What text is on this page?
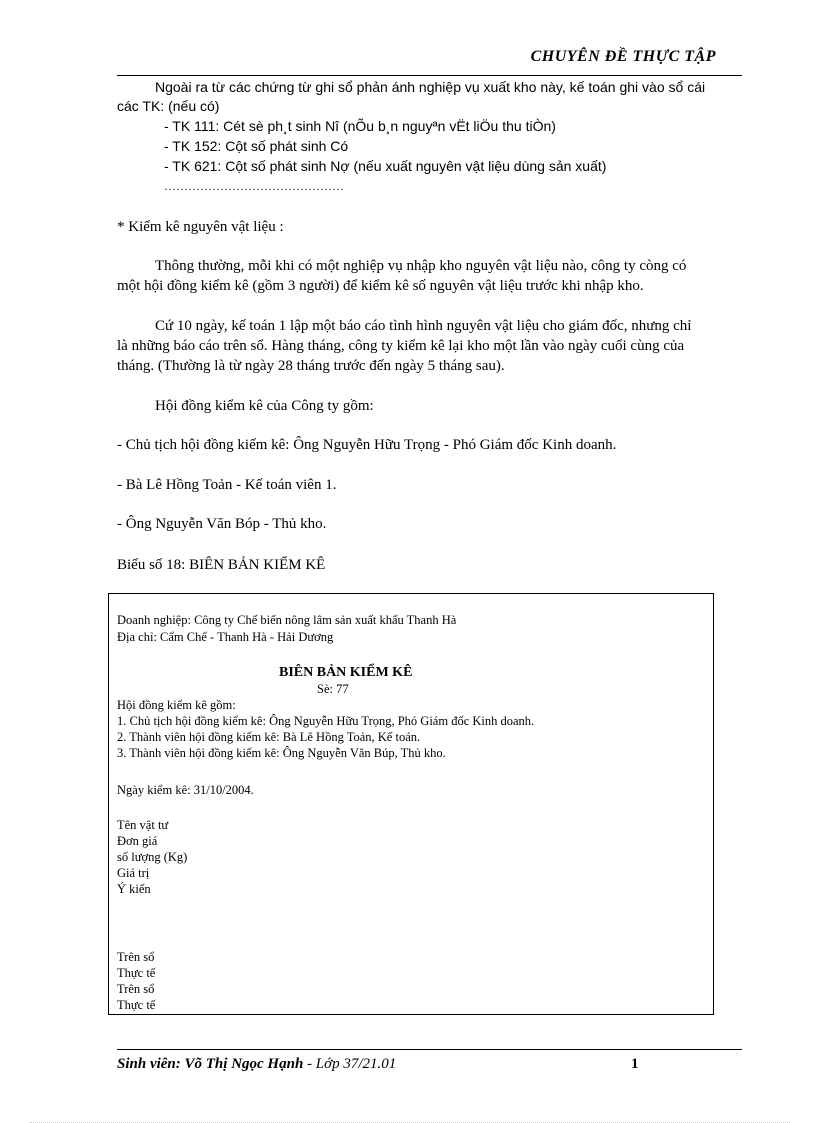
CHUYÊN ĐỀ THỰC TẬP
Ngoài ra từ các chứng từ ghi sổ phản ánh nghiệp vụ xuất kho này, kế toán ghi vào sổ cái
các TK: (nếu có)
- TK 111: Cét sè ph¸t sinh Nî (nÕu b¸n nguyªn vËt liÖu thu tiÒn)
- TK 152: Cột số phát sinh Có
- TK 621: Cột số phát sinh Nợ (nếu xuất nguyên vật liệu dùng sản xuất)
………………………………………
* Kiểm kê nguyên vật liệu :
Thông thường, mỗi khi có một nghiệp vụ nhập kho nguyên vật liệu nào, công ty còng có
một hội đồng kiểm kê (gồm 3 người) để kiểm kê số nguyên vật liệu trước khi nhập kho.
Cứ 10 ngày, kế toán 1 lập một báo cáo tình hình nguyên vật liệu cho giám đốc, nhưng chỉ
là những báo cáo trên sổ. Hàng tháng, công ty kiểm kê lại kho một lần vào ngày cuối cùng của
tháng. (Thường là từ ngày 28 tháng trước đến ngày 5 tháng sau).
Hội đồng kiểm kê của Công ty gồm:
- Chủ tịch hội đồng kiểm kê: Ông Nguyễn Hữu Trọng - Phó Giám đốc Kinh doanh.
- Bà Lê Hồng Toản - Kế toán viên 1.
- Ông Nguyễn Văn Bóp - Thủ kho.
Biểu số 18: BIÊN BẢN KIỂM KÊ
Doanh nghiệp: Công ty Chế biến nông lâm sản xuất khẩu Thanh Hà
Địa chỉ: Cẩm Chế - Thanh Hà - Hải Dương
BIÊN BẢN KIỂM KÊ
Sè: 77
Hội đồng kiểm kê gồm:
1. Chủ tịch hội đồng kiểm kê: Ông Nguyễn Hữu Trọng, Phó Giám đốc Kinh doanh.
2. Thành viên hội đồng kiểm kê: Bà Lê Hồng Toản, Kế toán.
3. Thành viên hội đồng kiểm kê: Ông Nguyễn Văn Búp, Thủ kho.
Ngày kiểm kê: 31/10/2004.
Tên vật tư
Đơn giá
số lượng (Kg)
Giá trị
Ý kiến
Trên sổ
Thực tế
Trên sổ
Thực tế
Sinh viên: Võ Thị Ngọc Hạnh - Lớp 37/21.01	1
